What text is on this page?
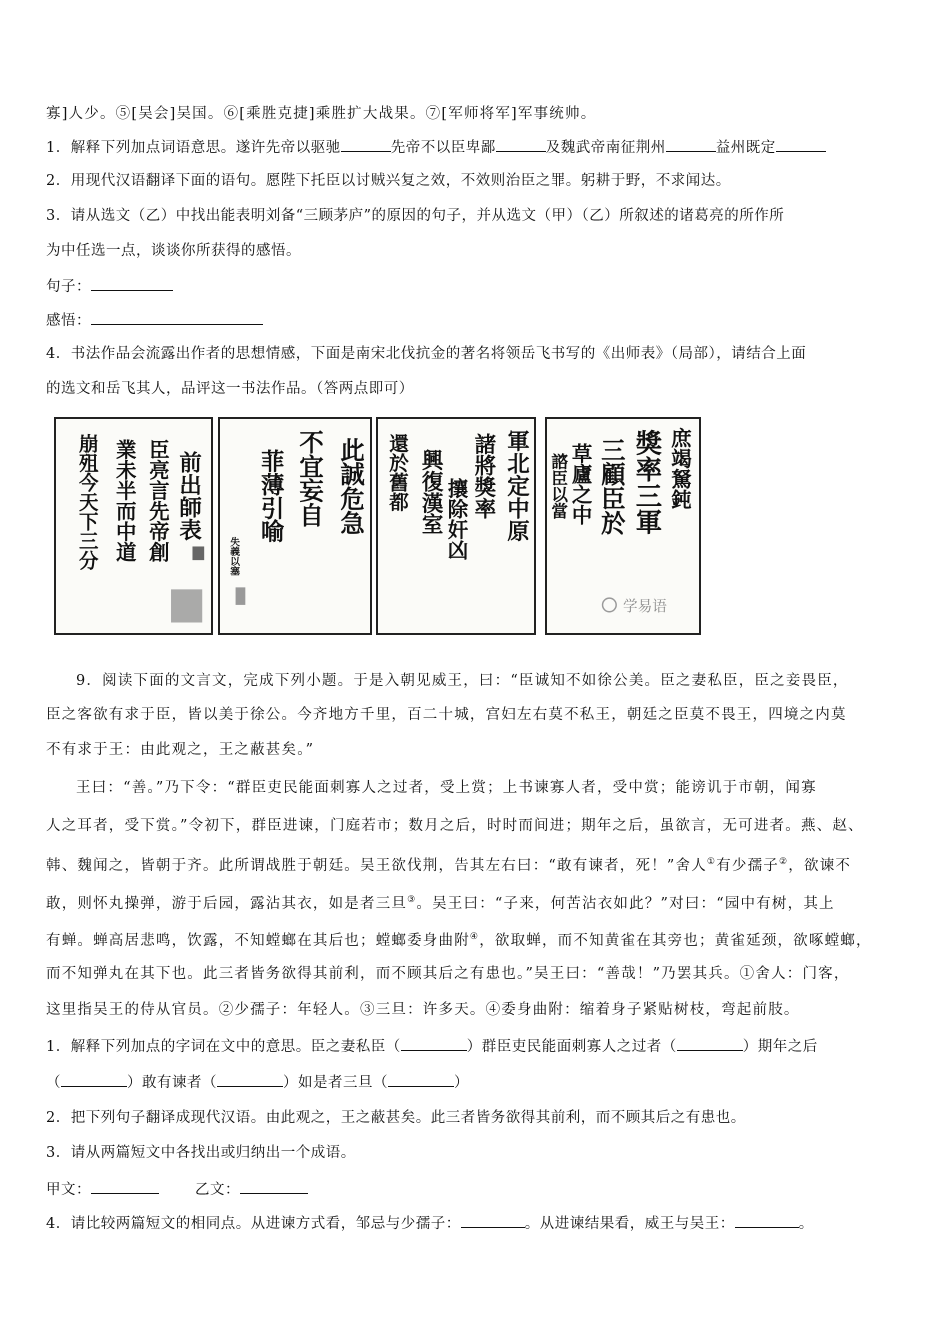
寡]人少。⑤[吴会]吴国。⑥[乘胜克捷]乘胜扩大战果。⑦[军师将军]军事统帅。
1．解释下列加点词语意思。遂许先帝以驱驰	先帝不以臣卑鄙	及魏武帝南征荆州	益州既定
2．用现代汉语翻译下面的语句。愿陛下托臣以讨贼兴复之效，不效则治臣之罪。躬耕于野，不求闻达。
3．请从选文（乙）中找出能表明刘备“三顾茅庐”的原因的句子，并从选文（甲）（乙）所叙述的诸葛亮的所作所
为中任选一点，谈谈你所获得的感悟。
句子：
感悟：
4．书法作品会流露出作者的思想情感，下面是南宋北伐抗金的著名将领岳飞书写的《出师表》（局部），请结合上面
的选文和岳飞其人，品评这一书法作品。（答两点即可）
前出師表
臣亮言先帝創
業未半而中道
崩殂今天下三分	此誠危急
不宜妄自
菲薄引喻
失義以塞
軍北定中原
諸將獎率
攘除奸凶
興復漢室
還於舊都	庶竭駑鈍
獎率三軍
三顧臣於
草廬之中
諮臣以當
学易语
9．阅读下面的文言文，完成下列小题。于是入朝见威王，曰：“臣诚知不如徐公美。臣之妻私臣，臣之妾畏臣，
臣之客欲有求于臣，皆以美于徐公。今齐地方千里，百二十城，宫妇左右莫不私王，朝廷之臣莫不畏王，四境之内莫
不有求于王：由此观之，王之蔽甚矣。”
王曰：“善。”乃下令：“群臣吏民能面刺寡人之过者，受上赏；上书谏寡人者，受中赏；能谤讥于市朝，闻寡
人之耳者，受下赏。”令初下，群臣进谏，门庭若市；数月之后，时时而间进；期年之后，虽欲言，无可进者。燕、赵、
韩、魏闻之，皆朝于齐。此所谓战胜于朝廷。吴王欲伐荆，告其左右曰：“敢有谏者，死！”舍人①有少孺子②，欲谏不
敢，则怀丸操弹，游于后园，露沾其衣，如是者三旦③。吴王曰：“子来，何苦沾衣如此？”对曰：“园中有树，其上
有蝉。蝉高居悲鸣，饮露，不知螳螂在其后也；螳螂委身曲附④，欲取蝉，而不知黄雀在其旁也；黄雀延颈，欲啄螳螂，
而不知弹丸在其下也。此三者皆务欲得其前利，而不顾其后之有患也。”吴王曰：“善哉！”乃罢其兵。①舍人：门客，
这里指吴王的侍从官员。②少孺子：年轻人。③三旦：许多天。④委身曲附：缩着身子紧贴树枝，弯起前肢。
1．解释下列加点的字词在文中的意思。臣之妻私臣（	）群臣吏民能面刺寡人之过者（	）期年之后
（	）敢有谏者（	）如是者三旦（	）
2．把下列句子翻译成现代汉语。由此观之，王之蔽甚矣。此三者皆务欲得其前利，而不顾其后之有患也。
3．请从两篇短文中各找出或归纳出一个成语。
甲文：	乙文：
4．请比较两篇短文的相同点。从进谏方式看，邹忌与少孺子：	。从进谏结果看，威王与吴王：	。
